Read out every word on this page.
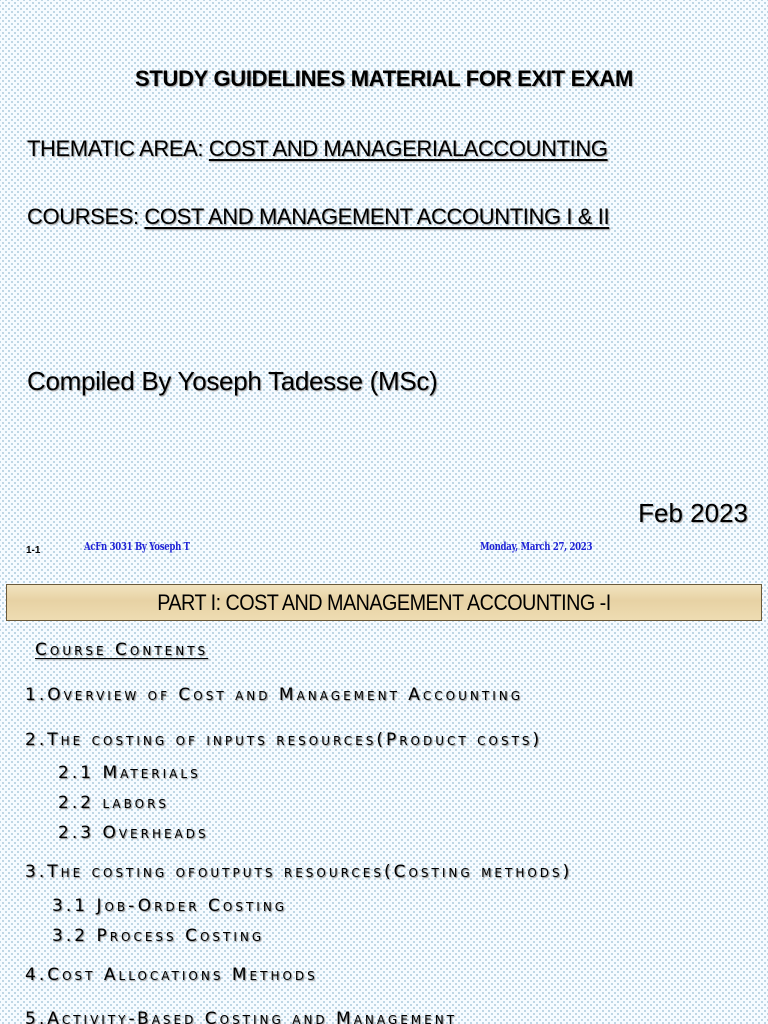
STUDY GUIDELINES MATERIAL FOR EXIT EXAM
THEMATIC AREA: COST AND MANAGERIALACCOUNTING
COURSES: COST AND MANAGEMENT ACCOUNTING I & II
Compiled By Yoseph Tadesse (MSc)
Feb 2023
1-1	AcFn 3031 By Yoseph T	Monday, March 27, 2023
PART I: COST AND MANAGEMENT ACCOUNTING -I
Course Contents
1.Overview of Cost and Management Accounting
2.The costing of inputs resources(Product costs)
2.1 Materials
2.2 labors
2.3 Overheads
3.The costing ofoutputs resources(Costing methods)
3.1 Job-Order Costing
3.2 Process Costing
4.Cost Allocations Methods
5.Activity-Based Costing and Management
